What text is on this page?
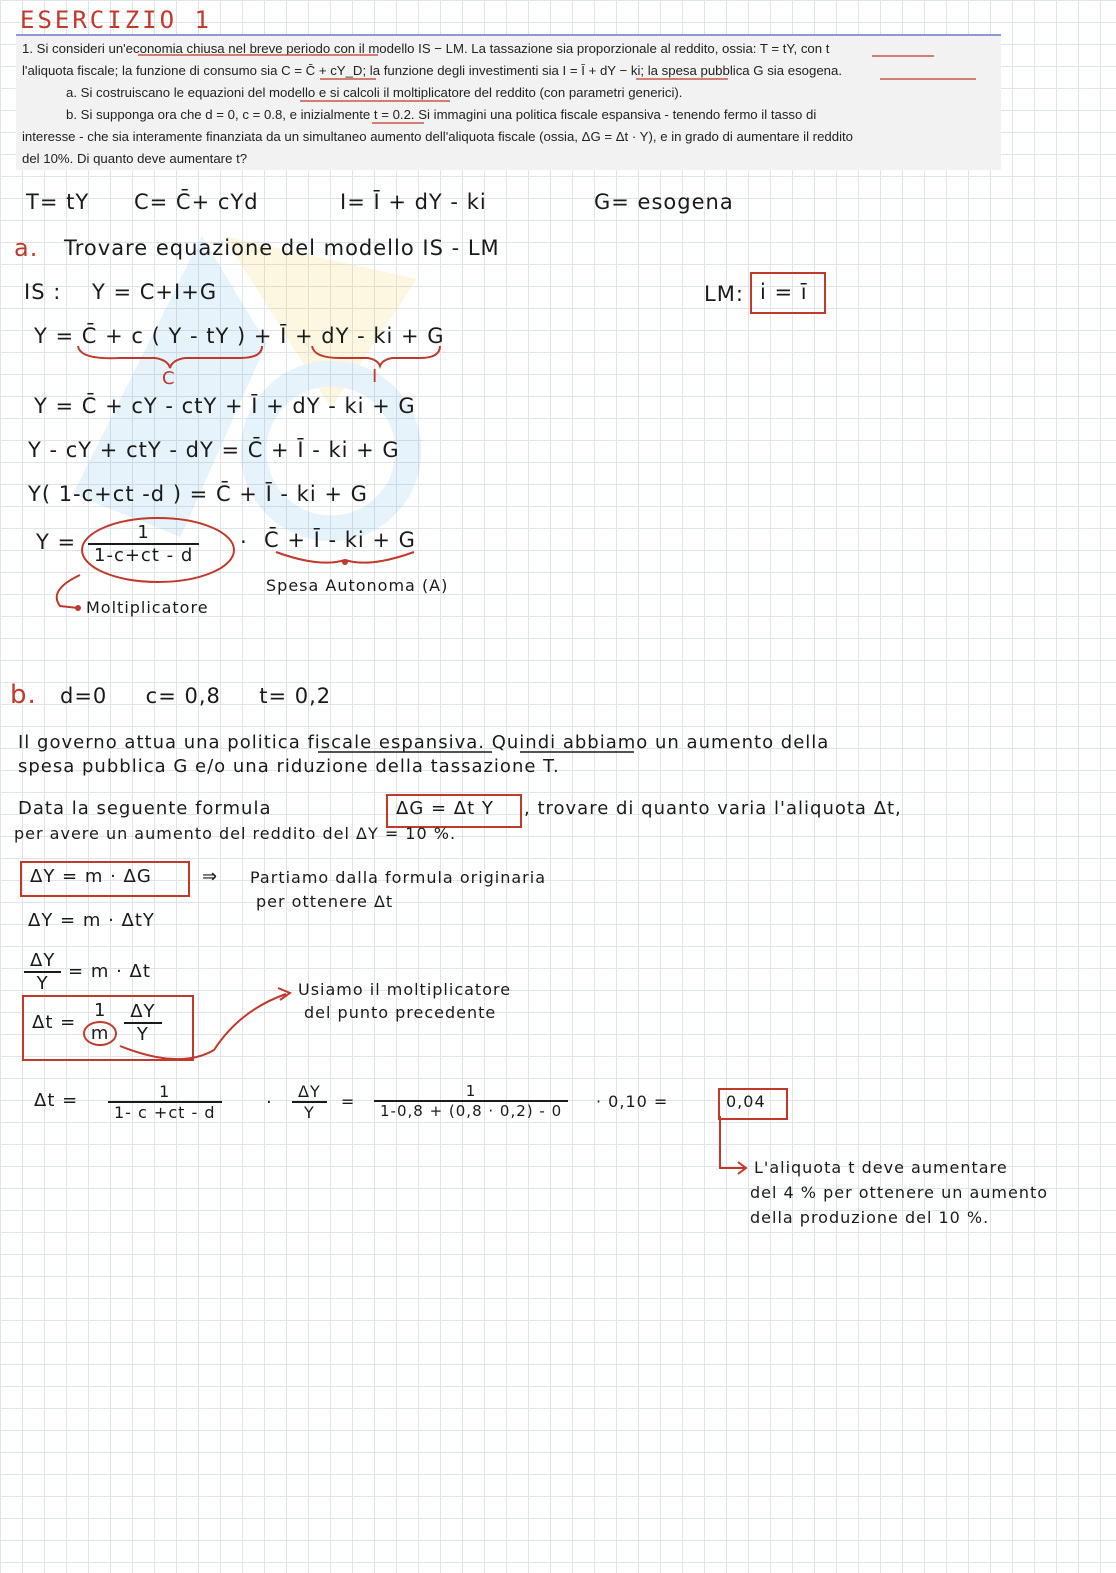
ESERCIZIO 1

1. Si consideri un'economia chiusa nel breve periodo con il modello IS − LM. La tassazione sia proporzionale al reddito, ossia: T = tY, con t

l'aliquota fiscale; la funzione di consumo sia C = C̄ + cY_D; la funzione degli investimenti sia I = Ī + dY − ki; la spesa pubblica G sia esogena.

a. Si costruiscano le equazioni del modello e si calcoli il moltiplicatore del reddito (con parametri generici).

b. Si supponga ora che d = 0, c = 0.8, e inizialmente t = 0.2. Si immagini una politica fiscale espansiva - tenendo fermo il tasso di

interesse - che sia interamente finanziata da un simultaneo aumento dell'aliquota fiscale (ossia, ΔG = Δt · Y), e in grado di aumentare il reddito

del 10%. Di quanto deve aumentare t?

T= tY C= C̄+ cYd	I= Ī + dY - ki	G= esogena
a. Trovare equazione del modello IS - LM
IS : Y = C+I+G	LM: i = ī
Y = C̄ + c ( Y - tY ) + Ī + dY - ki + G
C	I
Y = C̄ + cY - ctY + Ī + dY - ki + G
Y - cY + ctY - dY = C̄ + Ī - ki + G
Y( 1-c+ct -d ) = C̄ + Ī - ki + G
$Y = \frac{1}{1-c+ct - d}$ · C̄ + Ī - ki + G
Moltiplicatore
Spesa Autonoma (A)
b. d=0     c= 0,8     t= 0,2
Il governo attua una politica fiscale espansiva. Quindi abbiamo un aumento della
spesa pubblica G e/o una riduzione della tassazione T.
Data la seguente formula	ΔG = Δt Y , trovare di quanto varia l'aliquota Δt,
per avere un aumento del reddito del ΔY = 10 %.
ΔY = m · ΔG	⇒ Partiamo dalla formula originaria
per ottenere Δt
ΔY = m · ΔtY
$\frac{\Delta Y}{Y} = m \cdot \Delta t$
$\Delta t = \frac{1}{m}$
$\frac{\Delta Y}{Y}$
Usiamo il moltiplicatore
del punto precedente
$\Delta t = \frac{1}{1- c +ct - d} \cdot \frac{\Delta Y}{Y} = \frac{1}{1-0,8 + (0,8 \cdot 0,2) - 0} \cdot 0,10$ =	0,04
L'aliquota t deve aumentare
del 4 % per ottenere un aumento
della produzione del 10 %.
